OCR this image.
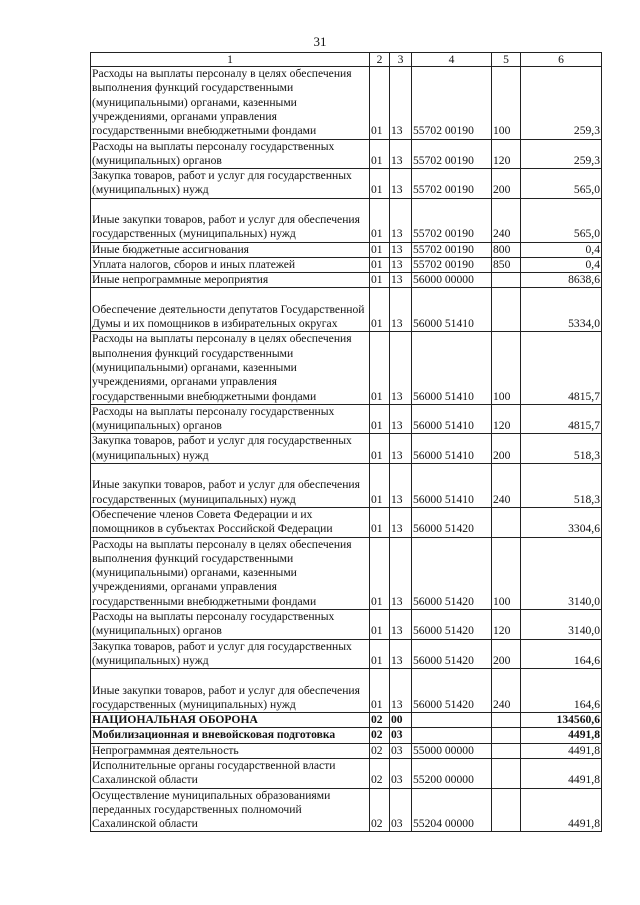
31
1	2	3	4	5	6
Расходы на выплаты персоналу в целях обеспечения выполнения функций государственными (муниципальными) органами, казенными учреждениями, органами управления государственными внебюджетными фондами	01	13	55702 00190	100	259,3
Расходы на выплаты персоналу государственных (муниципальных) органов	01	13	55702 00190	120	259,3
Закупка товаров, работ и услуг для государственных (муниципальных) нужд	01	13	55702 00190	200	565,0
Иные закупки товаров, работ и услуг для обеспечения государственных (муниципальных) нужд	01	13	55702 00190	240	565,0
Иные бюджетные ассигнования	01	13	55702 00190	800	0,4
Уплата налогов, сборов и иных платежей	01	13	55702 00190	850	0,4
Иные непрограммные мероприятия	01	13	56000 00000		8638,6
Обеспечение деятельности депутатов Государственной Думы и их помощников в избирательных округах	01	13	56000 51410		5334,0
Расходы на выплаты персоналу в целях обеспечения выполнения функций государственными (муниципальными) органами, казенными учреждениями, органами управления государственными внебюджетными фондами	01	13	56000 51410	100	4815,7
Расходы на выплаты персоналу государственных (муниципальных) органов	01	13	56000 51410	120	4815,7
Закупка товаров, работ и услуг для государственных (муниципальных) нужд	01	13	56000 51410	200	518,3
Иные закупки товаров, работ и услуг для обеспечения государственных (муниципальных) нужд	01	13	56000 51410	240	518,3
Обеспечение членов Совета Федерации и их помощников в субъектах Российской Федерации	01	13	56000 51420		3304,6
Расходы на выплаты персоналу в целях обеспечения выполнения функций государственными (муниципальными) органами, казенными учреждениями, органами управления государственными внебюджетными фондами	01	13	56000 51420	100	3140,0
Расходы на выплаты персоналу государственных (муниципальных) органов	01	13	56000 51420	120	3140,0
Закупка товаров, работ и услуг для государственных (муниципальных) нужд	01	13	56000 51420	200	164,6
Иные закупки товаров, работ и услуг для обеспечения государственных (муниципальных) нужд	01	13	56000 51420	240	164,6
НАЦИОНАЛЬНАЯ ОБОРОНА	02	00			134560,6
Мобилизационная и вневойсковая подготовка	02	03			4491,8
Непрограммная деятельность	02	03	55000 00000		4491,8
Исполнительные органы государственной власти Сахалинской области	02	03	55200 00000		4491,8
Осуществление муниципальных образованиями переданных государственных полномочий Сахалинской области	02	03	55204 00000		4491,8
